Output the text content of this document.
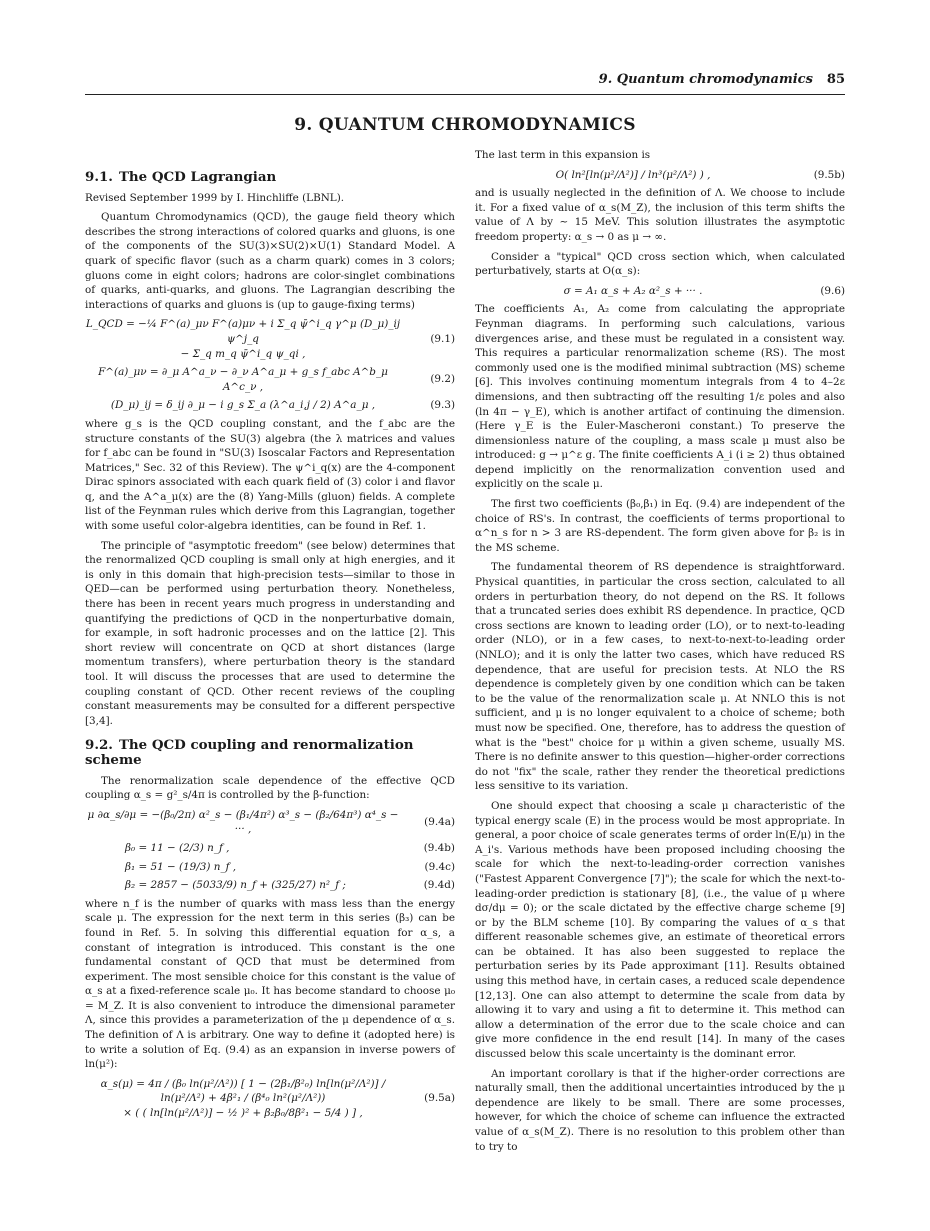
9. Quantum chromodynamics 85
9. QUANTUM CHROMODYNAMICS
9.1. The QCD Lagrangian

Revised September 1999 by I. Hinchliffe (LBNL).

Quantum Chromodynamics (QCD), the gauge field theory which describes the strong interactions of colored quarks and gluons, is one of the components of the SU(3)×SU(2)×U(1) Standard Model. A quark of specific flavor (such as a charm quark) comes in 3 colors; gluons come in eight colors; hadrons are color-singlet combinations of quarks, anti-quarks, and gluons. The Lagrangian describing the interactions of quarks and gluons is (up to gauge-fixing terms)

L_QCD = −¼ F^(a)_μν F^(a)μν + i Σ_q ψ̄^i_q γ^μ (D_μ)_ij ψ^j_q
− Σ_q m_q ψ̄^i_q ψ_qi ,
(9.1)
F^(a)_μν = ∂_μ A^a_ν − ∂_ν A^a_μ + g_s f_abc A^b_μ A^c_ν ,
(9.2)
(D_μ)_ij = δ_ij ∂_μ − i g_s Σ_a (λ^a_i,j / 2) A^a_μ ,	(9.3)

where g_s is the QCD coupling constant, and the f_abc are the structure constants of the SU(3) algebra (the λ matrices and values for f_abc can be found in "SU(3) Isoscalar Factors and Representation Matrices," Sec. 32 of this Review). The ψ^i_q(x) are the 4-component Dirac spinors associated with each quark field of (3) color i and flavor q, and the A^a_μ(x) are the (8) Yang-Mills (gluon) fields. A complete list of the Feynman rules which derive from this Lagrangian, together with some useful color-algebra identities, can be found in Ref. 1.

The principle of "asymptotic freedom" (see below) determines that the renormalized QCD coupling is small only at high energies, and it is only in this domain that high-precision tests—similar to those in QED—can be performed using perturbation theory. Nonetheless, there has been in recent years much progress in understanding and quantifying the predictions of QCD in the nonperturbative domain, for example, in soft hadronic processes and on the lattice [2]. This short review will concentrate on QCD at short distances (large momentum transfers), where perturbation theory is the standard tool. It will discuss the processes that are used to determine the coupling constant of QCD. Other recent reviews of the coupling constant measurements may be consulted for a different perspective [3,4].

9.2. The QCD coupling and renormalization scheme

The renormalization scale dependence of the effective QCD coupling α_s = g²_s/4π is controlled by the β-function:

μ ∂α_s/∂μ = −(β₀/2π) α²_s − (β₁/4π²) α³_s − (β₂/64π³) α⁴_s − ··· ,
(9.4a)
β₀ = 11 − (2/3) n_f ,	(9.4b)
β₁ = 51 − (19/3) n_f ,	(9.4c)
β₂ = 2857 − (5033/9) n_f + (325/27) n²_f ;	(9.4d)

where n_f is the number of quarks with mass less than the energy scale μ. The expression for the next term in this series (β₃) can be found in Ref. 5. In solving this differential equation for α_s, a constant of integration is introduced. This constant is the one fundamental constant of QCD that must be determined from experiment. The most sensible choice for this constant is the value of α_s at a fixed-reference scale μ₀. It has become standard to choose μ₀ = M_Z. It is also convenient to introduce the dimensional parameter Λ, since this provides a parameterization of the μ dependence of α_s. The definition of Λ is arbitrary. One way to define it (adopted here) is to write a solution of Eq. (9.4) as an expansion in inverse powers of ln(μ²):

α_s(μ) = 4π / (β₀ ln(μ²/Λ²)) [ 1 − (2β₁/β²₀) ln[ln(μ²/Λ²)] / ln(μ²/Λ²) + 4β²₁ / (β⁴₀ ln²(μ²/Λ²))
× ( ( ln[ln(μ²/Λ²)] − ½ )² + β₂β₀/8β²₁ − 5/4 ) ] ,
(9.5a)

The last term in this expansion is

O( ln²[ln(μ²/Λ²)] / ln³(μ²/Λ²) ) ,	(9.5b)

and is usually neglected in the definition of Λ. We choose to include it. For a fixed value of α_s(M_Z), the inclusion of this term shifts the value of Λ by ∼ 15 MeV. This solution illustrates the asymptotic freedom property: α_s → 0 as μ → ∞.

Consider a "typical" QCD cross section which, when calculated perturbatively, starts at O(α_s):

σ = A₁ α_s + A₂ α²_s + ··· .	(9.6)

The coefficients A₁, A₂ come from calculating the appropriate Feynman diagrams. In performing such calculations, various divergences arise, and these must be regulated in a consistent way. This requires a particular renormalization scheme (RS). The most commonly used one is the modified minimal subtraction (MS) scheme [6]. This involves continuing momentum integrals from 4 to 4–2ε dimensions, and then subtracting off the resulting 1/ε poles and also (ln 4π − γ_E), which is another artifact of continuing the dimension. (Here γ_E is the Euler-Mascheroni constant.) To preserve the dimensionless nature of the coupling, a mass scale μ must also be introduced: g → μ^ε g. The finite coefficients A_i (i ≥ 2) thus obtained depend implicitly on the renormalization convention used and explicitly on the scale μ.

The first two coefficients (β₀,β₁) in Eq. (9.4) are independent of the choice of RS's. In contrast, the coefficients of terms proportional to α^n_s for n > 3 are RS-dependent. The form given above for β₂ is in the MS scheme.

The fundamental theorem of RS dependence is straightforward. Physical quantities, in particular the cross section, calculated to all orders in perturbation theory, do not depend on the RS. It follows that a truncated series does exhibit RS dependence. In practice, QCD cross sections are known to leading order (LO), or to next-to-leading order (NLO), or in a few cases, to next-to-next-to-leading order (NNLO); and it is only the latter two cases, which have reduced RS dependence, that are useful for precision tests. At NLO the RS dependence is completely given by one condition which can be taken to be the value of the renormalization scale μ. At NNLO this is not sufficient, and μ is no longer equivalent to a choice of scheme; both must now be specified. One, therefore, has to address the question of what is the "best" choice for μ within a given scheme, usually MS. There is no definite answer to this question—higher-order corrections do not "fix" the scale, rather they render the theoretical predictions less sensitive to its variation.

One should expect that choosing a scale μ characteristic of the typical energy scale (E) in the process would be most appropriate. In general, a poor choice of scale generates terms of order ln(E/μ) in the A_i's. Various methods have been proposed including choosing the scale for which the next-to-leading-order correction vanishes ("Fastest Apparent Convergence [7]"); the scale for which the next-to-leading-order prediction is stationary [8], (i.e., the value of μ where dσ/dμ = 0); or the scale dictated by the effective charge scheme [9] or by the BLM scheme [10]. By comparing the values of α_s that different reasonable schemes give, an estimate of theoretical errors can be obtained. It has also been suggested to replace the perturbation series by its Pade approximant [11]. Results obtained using this method have, in certain cases, a reduced scale dependence [12,13]. One can also attempt to determine the scale from data by allowing it to vary and using a fit to determine it. This method can allow a determination of the error due to the scale choice and can give more confidence in the end result [14]. In many of the cases discussed below this scale uncertainty is the dominant error.

An important corollary is that if the higher-order corrections are naturally small, then the additional uncertainties introduced by the μ dependence are likely to be small. There are some processes, however, for which the choice of scheme can influence the extracted value of α_s(M_Z). There is no resolution to this problem other than to try to
